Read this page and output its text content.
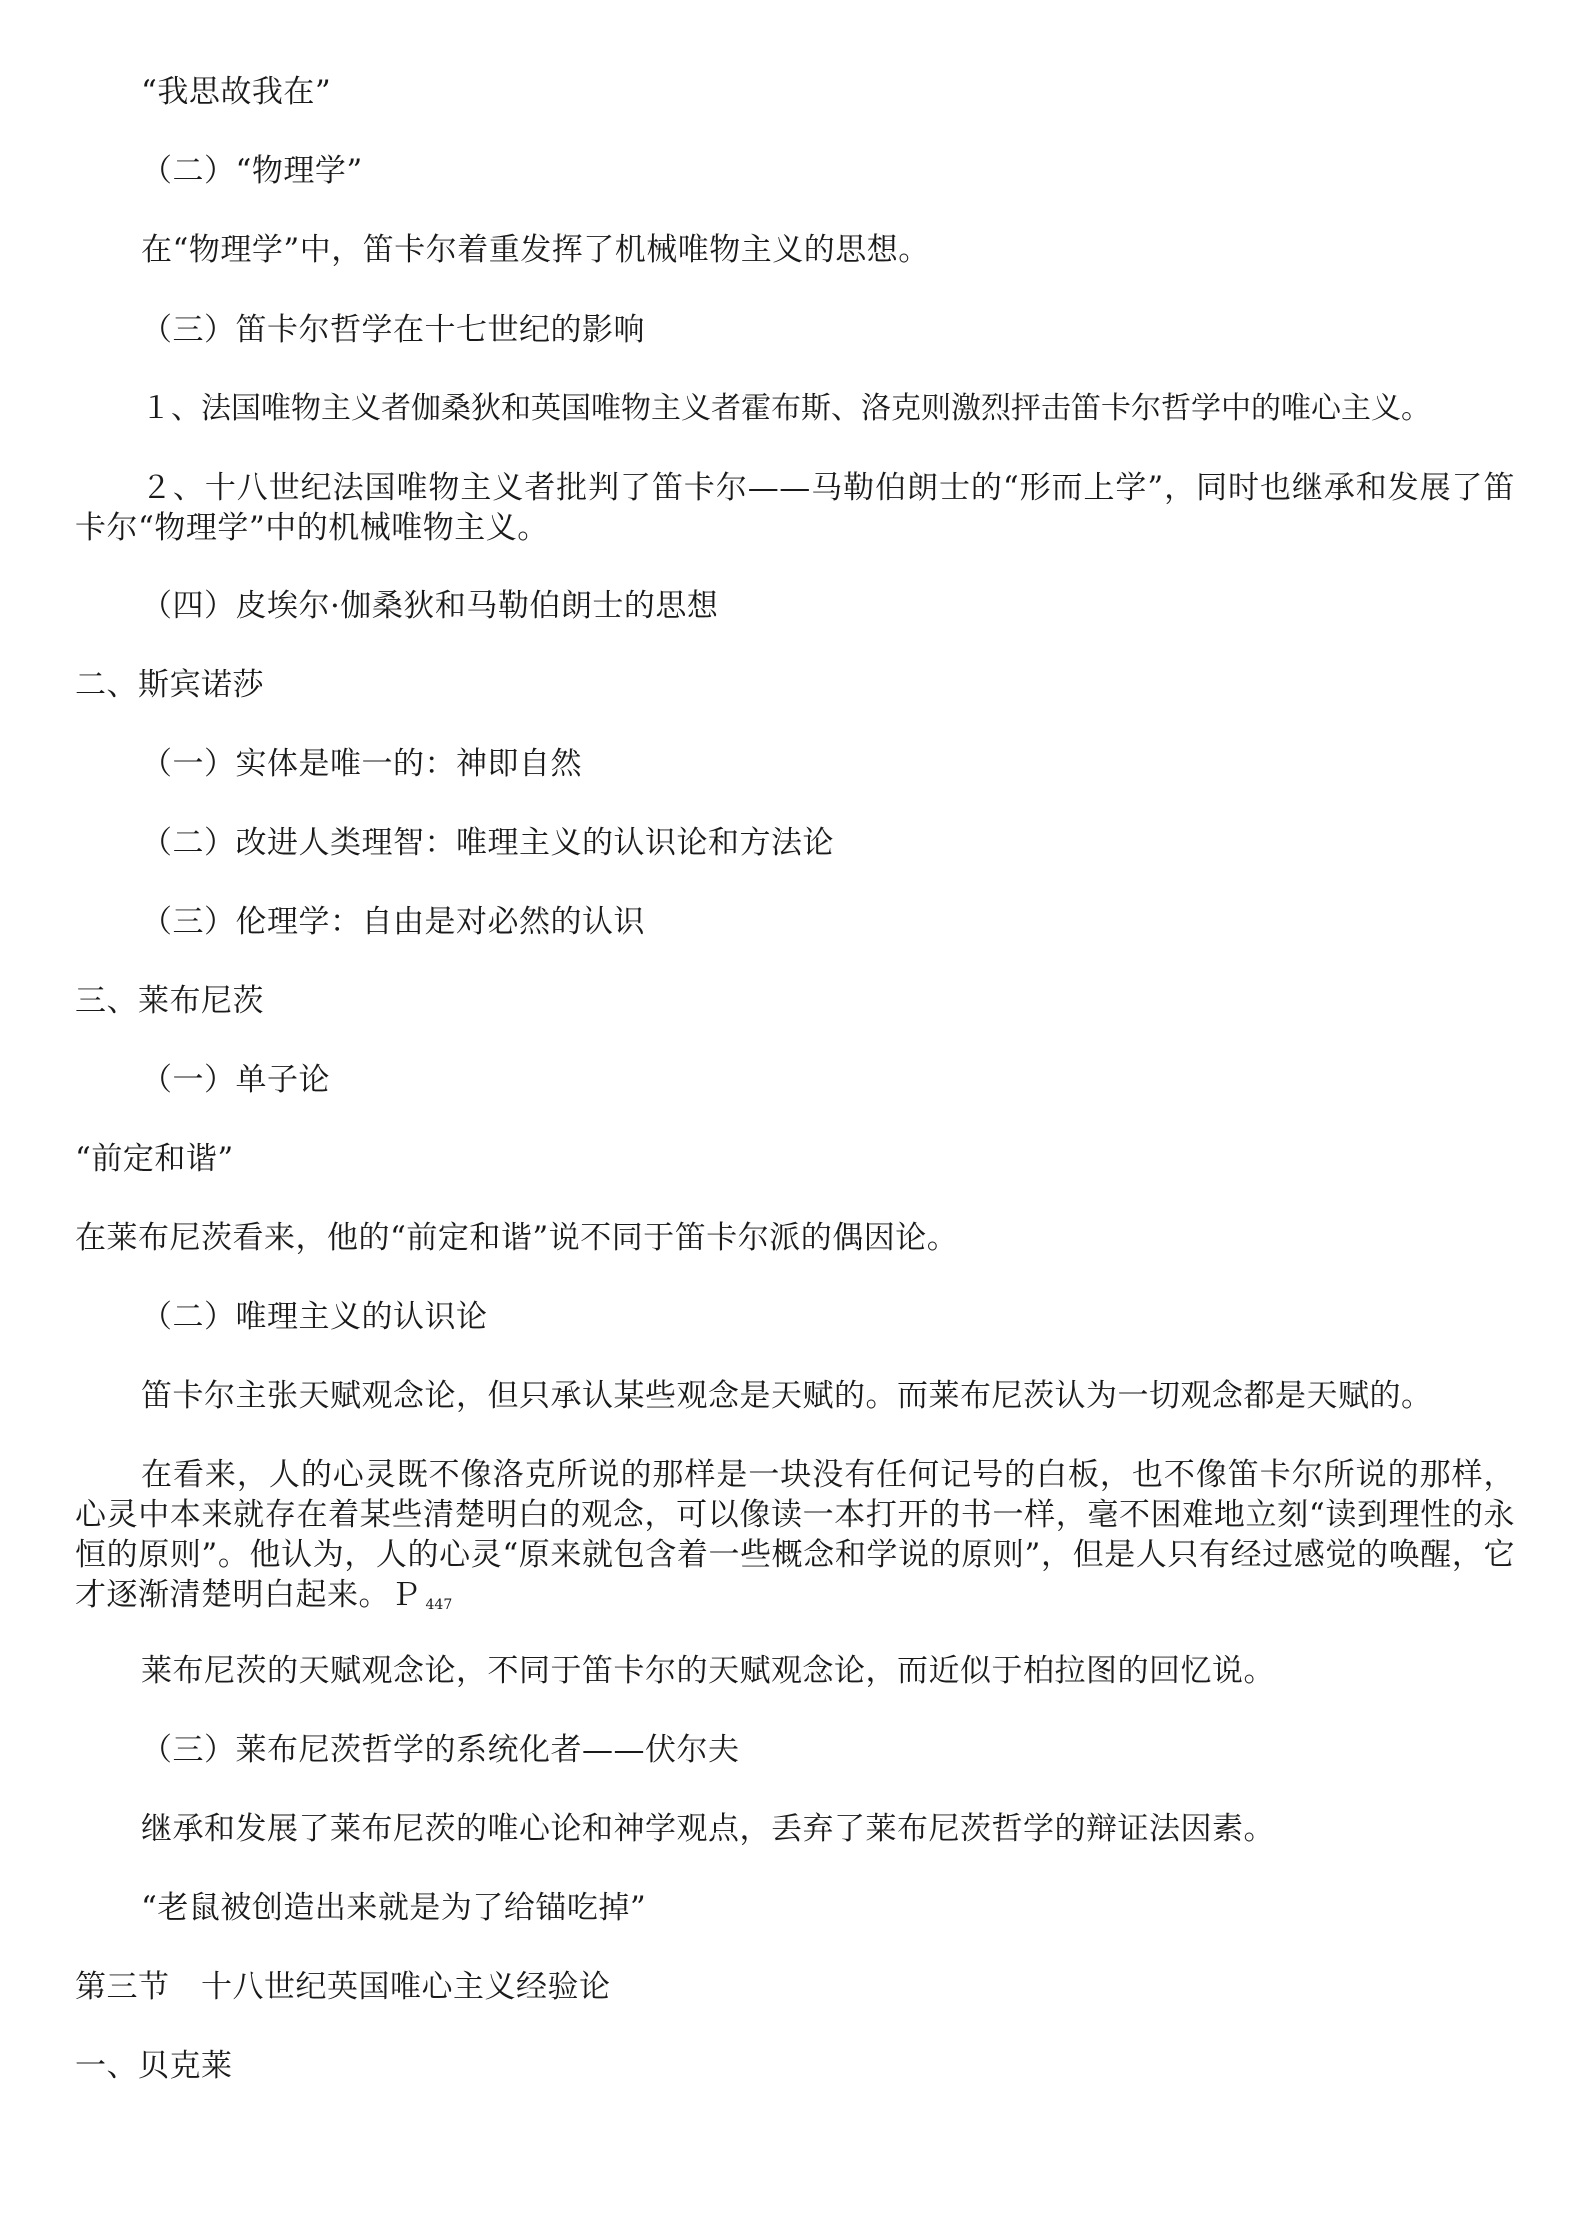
“我思故我在”
（二）“物理学”
在“物理学”中，笛卡尔着重发挥了机械唯物主义的思想。
（三）笛卡尔哲学在十七世纪的影响
１、法国唯物主义者伽桑狄和英国唯物主义者霍布斯、洛克则激烈抨击笛卡尔哲学中的唯心主义。
２、十八世纪法国唯物主义者批判了笛卡尔——马勒伯朗士的“形而上学”，同时也继承和发展了笛卡尔“物理学”中的机械唯物主义。
（四）皮埃尔·伽桑狄和马勒伯朗士的思想
二、斯宾诺莎
（一）实体是唯一的：神即自然
（二）改进人类理智：唯理主义的认识论和方法论
（三）伦理学：自由是对必然的认识
三、莱布尼茨
（一）单子论
“前定和谐”
在莱布尼茨看来，他的“前定和谐”说不同于笛卡尔派的偶因论。
（二）唯理主义的认识论
笛卡尔主张天赋观念论，但只承认某些观念是天赋的。而莱布尼茨认为一切观念都是天赋的。
在看来，人的心灵既不像洛克所说的那样是一块没有任何记号的白板，也不像笛卡尔所说的那样，心灵中本来就存在着某些清楚明白的观念，可以像读一本打开的书一样，毫不困难地立刻“读到理性的永恒的原则”。他认为，人的心灵“原来就包含着一些概念和学说的原则”，但是人只有经过感觉的唤醒，它才逐渐清楚明白起来。Ｐ $_{447}$
莱布尼茨的天赋观念论，不同于笛卡尔的天赋观念论，而近似于柏拉图的回忆说。
（三）莱布尼茨哲学的系统化者——伏尔夫
继承和发展了莱布尼茨的唯心论和神学观点，丢弃了莱布尼茨哲学的辩证法因素。
“老鼠被创造出来就是为了给锚吃掉”
第三节　十八世纪英国唯心主义经验论
一、贝克莱
